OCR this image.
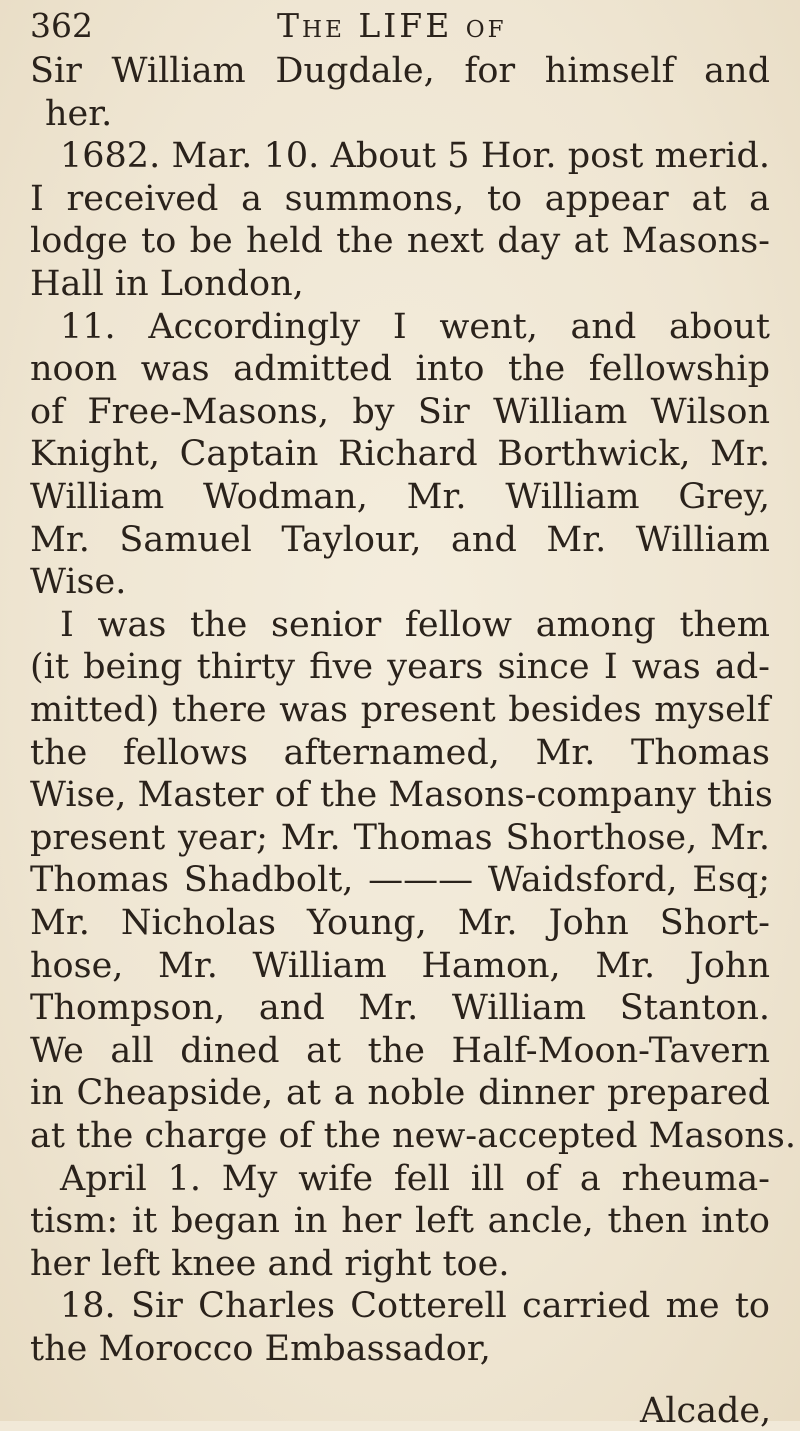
362	The LIFE of
Sir William Dugdale, for himself and
her.
1682. Mar. 10. About 5 Hor. post merid.
I received a summons, to appear at a
lodge to be held the next day at Masons-
Hall in London,
11. Accordingly I went, and about
noon was admitted into the fellowship
of Free-Masons, by Sir William Wilson
Knight, Captain Richard Borthwick, Mr.
William Wodman, Mr. William Grey,
Mr. Samuel Taylour, and Mr. William
Wise.
I was the senior fellow among them
(it being thirty five years since I was ad-
mitted) there was present besides myself
the fellows afternamed, Mr. Thomas
Wise, Master of the Masons-company this
present year; Mr. Thomas Shorthose, Mr.
Thomas Shadbolt, ——— Waidsford, Esq;
Mr. Nicholas Young, Mr. John Short-
hose, Mr. William Hamon, Mr. John
Thompson, and Mr. William Stanton.
We all dined at the Half-Moon-Tavern
in Cheapside, at a noble dinner prepared
at the charge of the new-accepted Masons.
April 1. My wife fell ill of a rheuma-
tism: it began in her left ancle, then into
her left knee and right toe.
18. Sir Charles Cotterell carried me to
the Morocco Embassador,
Alcade,
